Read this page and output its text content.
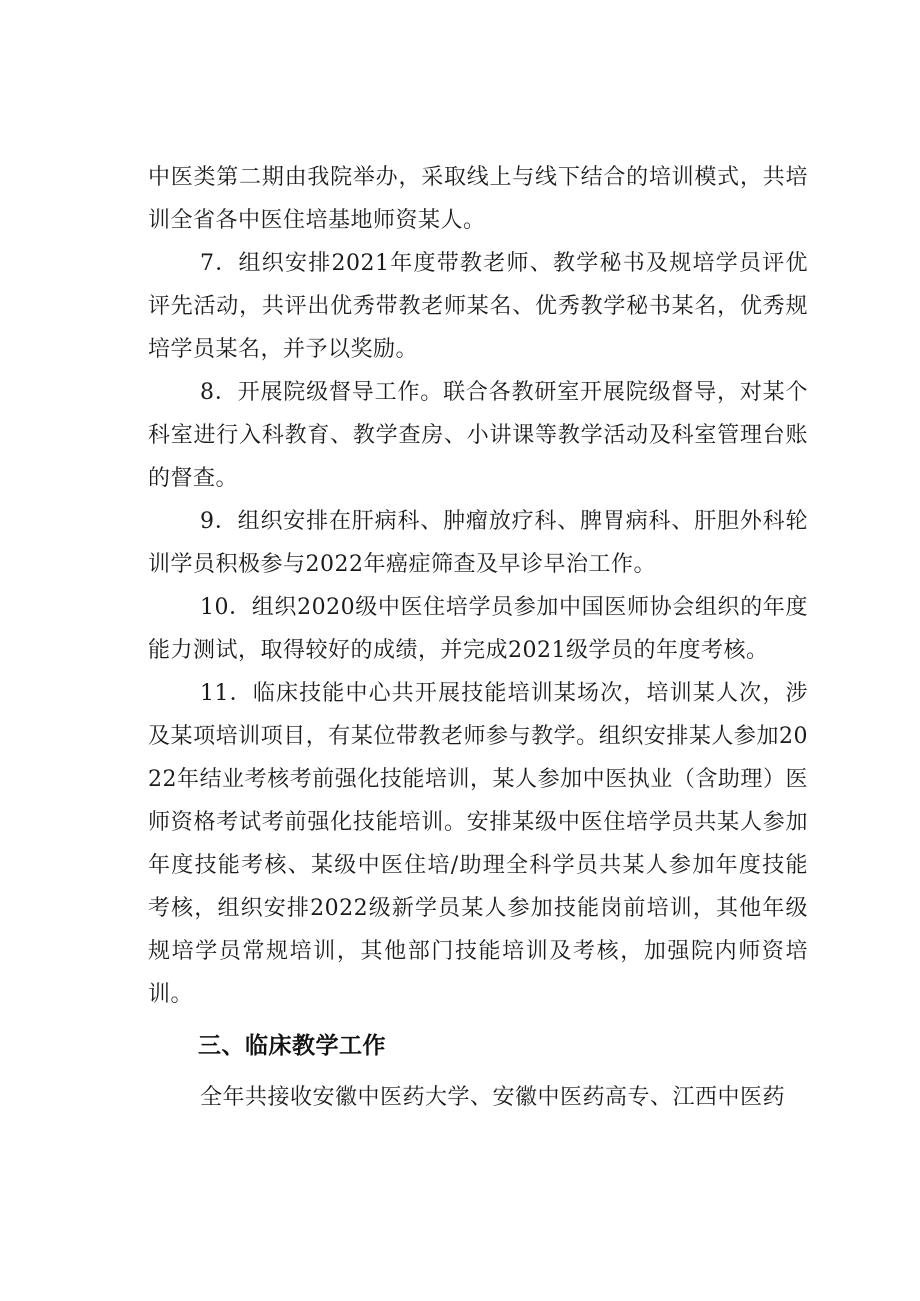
中医类第二期由我院举办，采取线上与线下结合的培训模式，共培训全省各中医住培基地师资某人。

7．组织安排2021年度带教老师、教学秘书及规培学员评优评先活动，共评出优秀带教老师某名、优秀教学秘书某名，优秀规培学员某名，并予以奖励。

8．开展院级督导工作。联合各教研室开展院级督导，对某个科室进行入科教育、教学查房、小讲课等教学活动及科室管理台账的督查。

9．组织安排在肝病科、肿瘤放疗科、脾胃病科、肝胆外科轮训学员积极参与2022年癌症筛查及早诊早治工作。

10．组织2020级中医住培学员参加中国医师协会组织的年度能力测试，取得较好的成绩，并完成2021级学员的年度考核。

11．临床技能中心共开展技能培训某场次，培训某人次，涉及某项培训项目，有某位带教老师参与教学。组织安排某人参加2022年结业考核考前强化技能培训，某人参加中医执业（含助理）医师资格考试考前强化技能培训。安排某级中医住培学员共某人参加年度技能考核、某级中医住培/助理全科学员共某人参加年度技能考核，组织安排2022级新学员某人参加技能岗前培训，其他年级规培学员常规培训，其他部门技能培训及考核，加强院内师资培训。

三、临床教学工作

全年共接收安徽中医药大学、安徽中医药高专、江西中医药
